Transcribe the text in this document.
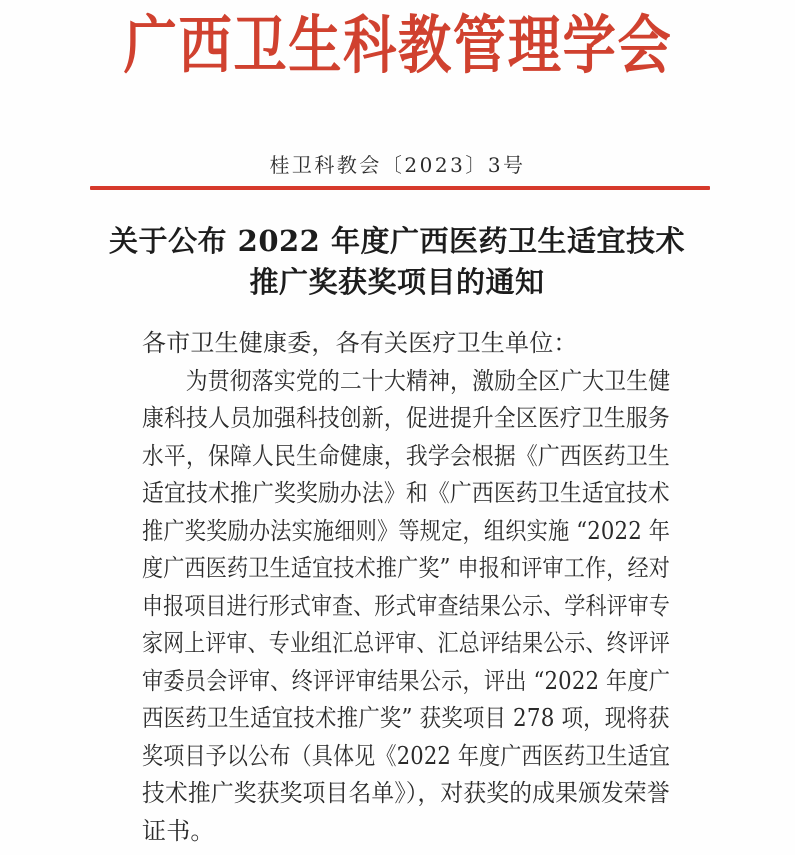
广西卫生科教管理学会
桂卫科教会〔2023〕3号
关于公布 2022 年度广西医药卫生适宜技术
推广奖获奖项目的通知
各市卫生健康委，各有关医疗卫生单位：
为贯彻落实党的二十大精神，激励全区广大卫生健 康科技人员加强科技创新，促进提升全区医疗卫生服务 水平，保障人民生命健康，我学会根据《广西医药卫生 适宜技术推广奖奖励办法》和《广西医药卫生适宜技术 推广奖奖励办法实施细则》等规定，组织实施 “2022 年 度广西医药卫生适宜技术推广奖” 申报和评审工作，经对 申报项目进行形式审查、形式审查结果公示、学科评审专 家网上评审、专业组汇总评审、汇总评结果公示、终评评 审委员会评审、终评评审结果公示，评出 “2022 年度广 西医药卫生适宜技术推广奖” 获奖项目 278 项，现将获 奖项目予以公布（具体见《2022 年度广西医药卫生适宜 技术推广奖获奖项目名单》），对获奖的成果颁发荣誉
证书。
